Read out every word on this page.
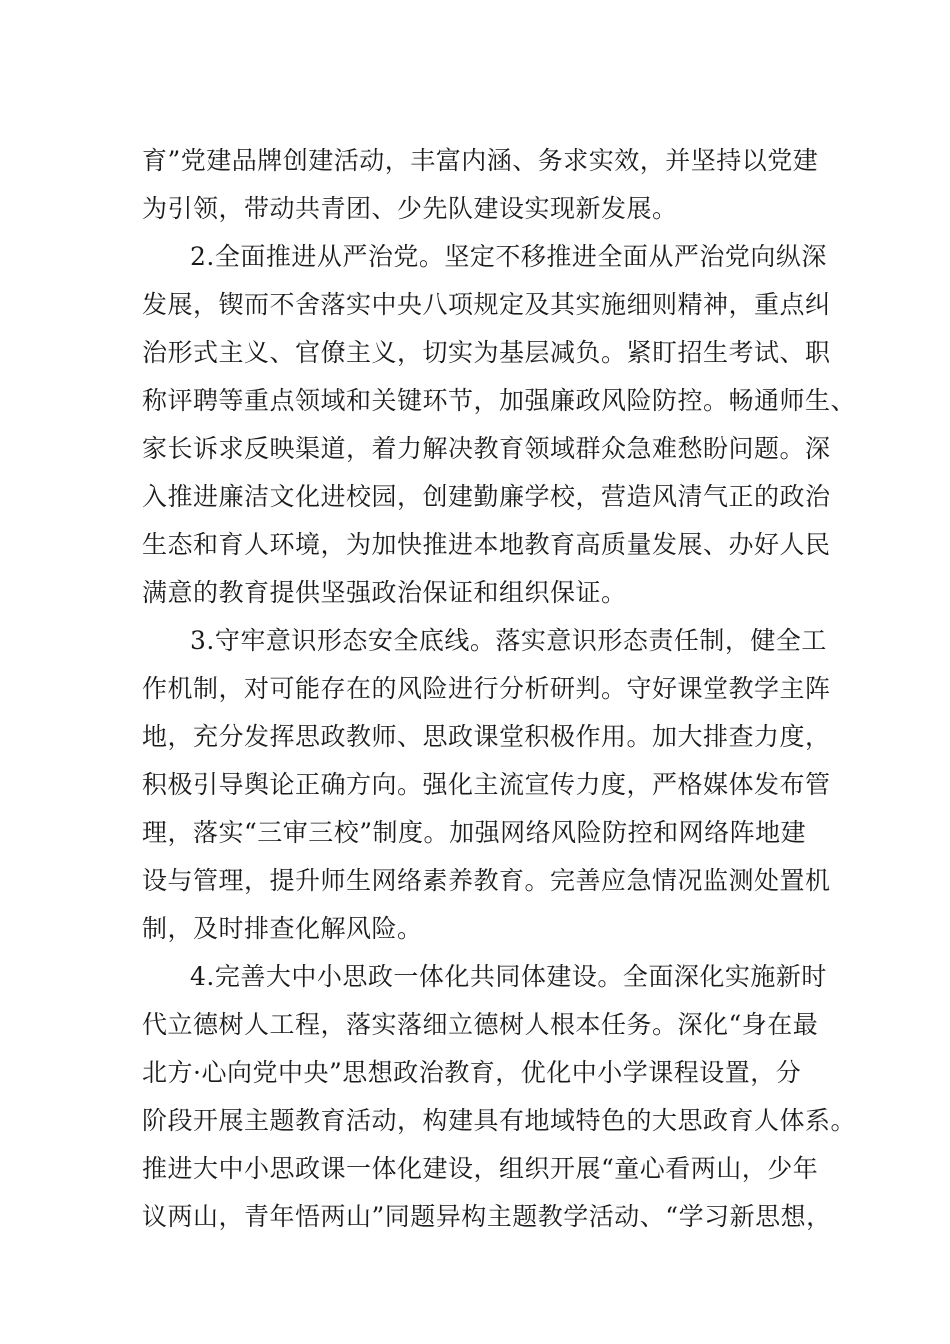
育”党建品牌创建活动，丰富内涵、务求实效，并坚持以党建
为引领，带动共青团、少先队建设实现新发展。
2.全面推进从严治党。坚定不移推进全面从严治党向纵深
发展，锲而不舍落实中央八项规定及其实施细则精神，重点纠
治形式主义、官僚主义，切实为基层减负。紧盯招生考试、职
称评聘等重点领域和关键环节，加强廉政风险防控。畅通师生、
家长诉求反映渠道，着力解决教育领域群众急难愁盼问题。深
入推进廉洁文化进校园，创建勤廉学校，营造风清气正的政治
生态和育人环境，为加快推进本地教育高质量发展、办好人民
满意的教育提供坚强政治保证和组织保证。
3.守牢意识形态安全底线。落实意识形态责任制，健全工
作机制，对可能存在的风险进行分析研判。守好课堂教学主阵
地，充分发挥思政教师、思政课堂积极作用。加大排查力度，
积极引导舆论正确方向。强化主流宣传力度，严格媒体发布管
理，落实“三审三校”制度。加强网络风险防控和网络阵地建
设与管理，提升师生网络素养教育。完善应急情况监测处置机
制，及时排查化解风险。
4.完善大中小思政一体化共同体建设。全面深化实施新时
代立德树人工程，落实落细立德树人根本任务。深化“身在最
北方·心向党中央”思想政治教育，优化中小学课程设置，分
阶段开展主题教育活动，构建具有地域特色的大思政育人体系。
推进大中小思政课一体化建设，组织开展“童心看两山，少年
议两山，青年悟两山”同题异构主题教学活动、“学习新思想，
